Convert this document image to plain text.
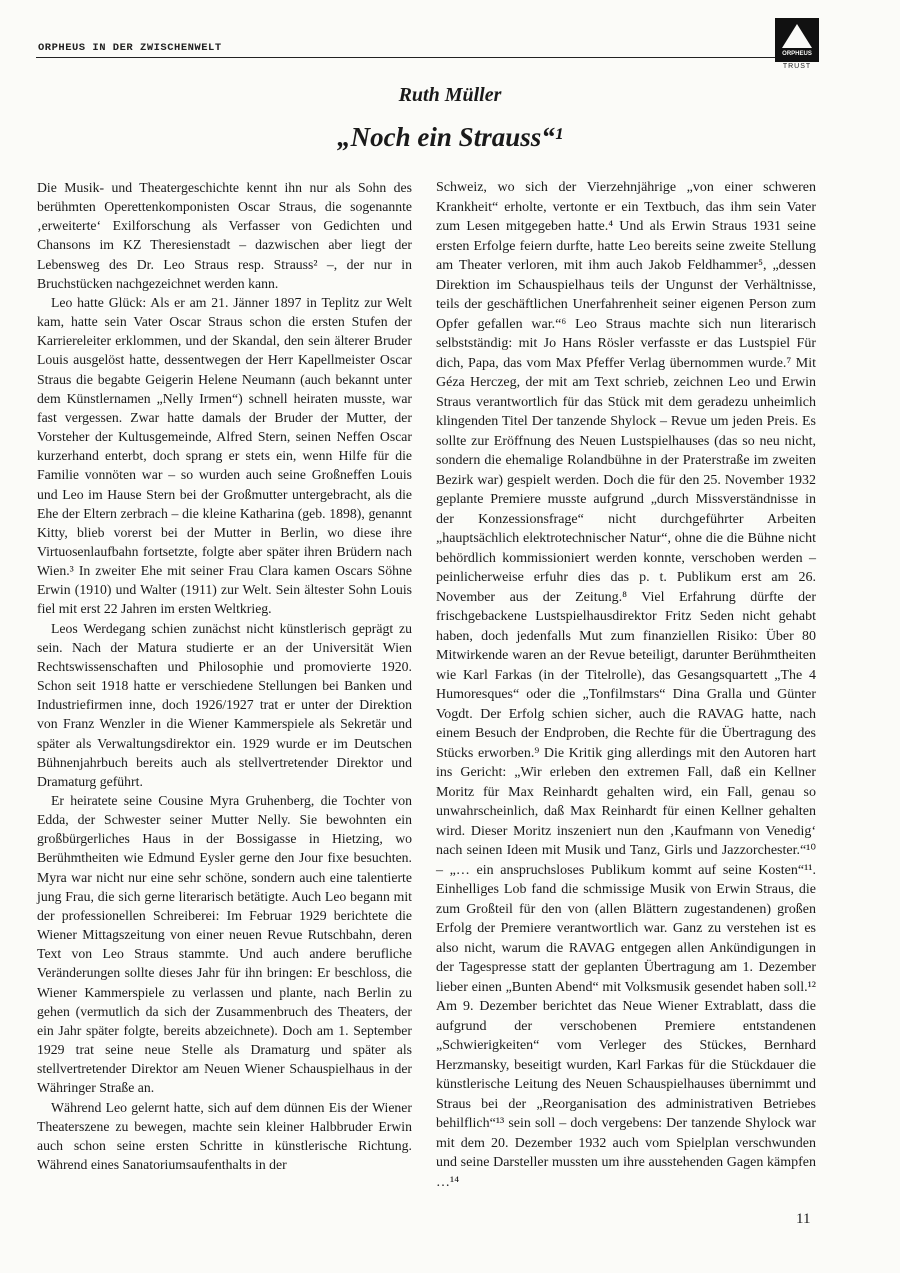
ORPHEUS IN DER ZWISCHENWELT	ORPHEUS
TRUST
Ruth Müller
„Noch ein Strauss“¹

Die Musik- und Theatergeschichte kennt ihn nur als Sohn des berühmten Operettenkomponisten Oscar Straus, die sogenannte ‚erweiterte‘ Exilforschung als Verfasser von Gedichten und Chansons im KZ Theresienstadt – dazwischen aber liegt der Lebensweg des Dr. Leo Straus resp. Strauss² –, der nur in Bruchstücken nachgezeichnet werden kann.

Leo hatte Glück: Als er am 21. Jänner 1897 in Teplitz zur Welt kam, hatte sein Vater Oscar Straus schon die ersten Stufen der Karriereleiter erklommen, und der Skandal, den sein älterer Bruder Louis ausgelöst hatte, dessentwegen der Herr Kapellmeister Oscar Straus die begabte Geigerin Helene Neumann (auch bekannt unter dem Künstlernamen „Nelly Irmen“) schnell heiraten musste, war fast vergessen. Zwar hatte damals der Bruder der Mutter, der Vorsteher der Kultusgemeinde, Alfred Stern, seinen Neffen Oscar kurzerhand enterbt, doch sprang er stets ein, wenn Hilfe für die Familie vonnöten war – so wurden auch seine Großneffen Louis und Leo im Hause Stern bei der Großmutter untergebracht, als die Ehe der Eltern zerbrach – die kleine Katharina (geb. 1898), genannt Kitty, blieb vorerst bei der Mutter in Berlin, wo diese ihre Virtuosenlaufbahn fortsetzte, folgte aber später ihren Brüdern nach Wien.³ In zweiter Ehe mit seiner Frau Clara kamen Oscars Söhne Erwin (1910) und Walter (1911) zur Welt. Sein ältester Sohn Louis fiel mit erst 22 Jahren im ersten Weltkrieg.

Leos Werdegang schien zunächst nicht künstlerisch geprägt zu sein. Nach der Matura studierte er an der Universität Wien Rechtswissenschaften und Philosophie und promovierte 1920. Schon seit 1918 hatte er verschiedene Stellungen bei Banken und Industriefirmen inne, doch 1926/1927 trat er unter der Direktion von Franz Wenzler in die Wiener Kammerspiele als Sekretär und später als Verwaltungsdirektor ein. 1929 wurde er im Deutschen Bühnenjahrbuch bereits auch als stellvertretender Direktor und Dramaturg geführt.

Er heiratete seine Cousine Myra Gruhenberg, die Tochter von Edda, der Schwester seiner Mutter Nelly. Sie bewohnten ein großbürgerliches Haus in der Bossigasse in Hietzing, wo Berühmtheiten wie Edmund Eysler gerne den Jour fixe besuchten. Myra war nicht nur eine sehr schöne, sondern auch eine talentierte jung Frau, die sich gerne literarisch betätigte. Auch Leo begann mit der professionellen Schreiberei: Im Februar 1929 berichtete die Wiener Mittagszeitung von einer neuen Revue Rutschbahn, deren Text von Leo Straus stammte. Und auch andere berufliche Veränderungen sollte dieses Jahr für ihn bringen: Er beschloss, die Wiener Kammerspiele zu verlassen und plante, nach Berlin zu gehen (vermutlich da sich der Zusammenbruch des Theaters, der ein Jahr später folgte, bereits abzeichnete). Doch am 1. September 1929 trat seine neue Stelle als Dramaturg und später als stellvertretender Direktor am Neuen Wiener Schauspielhaus in der Währinger Straße an.

Während Leo gelernt hatte, sich auf dem dünnen Eis der Wiener Theaterszene zu bewegen, machte sein kleiner Halbbruder Erwin auch schon seine ersten Schritte in künstlerische Richtung. Während eines Sanatoriumsaufenthalts in der

Schweiz, wo sich der Vierzehnjährige „von einer schweren Krankheit“ erholte, vertonte er ein Textbuch, das ihm sein Vater zum Lesen mitgegeben hatte.⁴ Und als Erwin Straus 1931 seine ersten Erfolge feiern durfte, hatte Leo bereits seine zweite Stellung am Theater verloren, mit ihm auch Jakob Feldhammer⁵, „dessen Direktion im Schauspielhaus teils der Ungunst der Verhältnisse, teils der geschäftlichen Unerfahrenheit seiner eigenen Person zum Opfer gefallen war.“⁶ Leo Straus machte sich nun literarisch selbstständig: mit Jo Hans Rösler verfasste er das Lustspiel Für dich, Papa, das vom Max Pfeffer Verlag übernommen wurde.⁷ Mit Géza Herczeg, der mit am Text schrieb, zeichnen Leo und Erwin Straus verantwortlich für das Stück mit dem geradezu unheimlich klingenden Titel Der tanzende Shylock – Revue um jeden Preis. Es sollte zur Eröffnung des Neuen Lustspielhauses (das so neu nicht, sondern die ehemalige Rolandbühne in der Praterstraße im zweiten Bezirk war) gespielt werden. Doch die für den 25. November 1932 geplante Premiere musste aufgrund „durch Missverständnisse in der Konzessionsfrage“ nicht durchgeführter Arbeiten „hauptsächlich elektrotechnischer Natur“, ohne die die Bühne nicht behördlich kommissioniert werden konnte, verschoben werden – peinlicherweise erfuhr dies das p. t. Publikum erst am 26. November aus der Zeitung.⁸ Viel Erfahrung dürfte der frischgebackene Lustspielhausdirektor Fritz Seden nicht gehabt haben, doch jedenfalls Mut zum finanziellen Risiko: Über 80 Mitwirkende waren an der Revue beteiligt, darunter Berühmtheiten wie Karl Farkas (in der Titelrolle), das Gesangsquartett „The 4 Humoresques“ oder die „Tonfilmstars“ Dina Gralla und Günter Vogdt. Der Erfolg schien sicher, auch die RAVAG hatte, nach einem Besuch der Endproben, die Rechte für die Übertragung des Stücks erworben.⁹ Die Kritik ging allerdings mit den Autoren hart ins Gericht: „Wir erleben den extremen Fall, daß ein Kellner Moritz für Max Reinhardt gehalten wird, ein Fall, genau so unwahrscheinlich, daß Max Reinhardt für einen Kellner gehalten wird. Dieser Moritz inszeniert nun den ‚Kaufmann von Venedig‘ nach seinen Ideen mit Musik und Tanz, Girls und Jazzorchester.“¹⁰ – „… ein anspruchsloses Publikum kommt auf seine Kosten“¹¹. Einhelliges Lob fand die schmissige Musik von Erwin Straus, die zum Großteil für den von (allen Blättern zugestandenen) großen Erfolg der Premiere verantwortlich war. Ganz zu verstehen ist es also nicht, warum die RAVAG entgegen allen Ankündigungen in der Tagespresse statt der geplanten Übertragung am 1. Dezember lieber einen „Bunten Abend“ mit Volksmusik gesendet haben soll.¹² Am 9. Dezember berichtet das Neue Wiener Extrablatt, dass die aufgrund der verschobenen Premiere entstandenen „Schwierigkeiten“ vom Verleger des Stückes, Bernhard Herzmansky, beseitigt wurden, Karl Farkas für die Stückdauer die künstlerische Leitung des Neuen Schauspielhauses übernimmt und Straus bei der „Reorganisation des administrativen Betriebes behilflich“¹³ sein soll – doch vergebens: Der tanzende Shylock war mit dem 20. Dezember 1932 auch vom Spielplan verschwunden und seine Darsteller mussten um ihre ausstehenden Gagen kämpfen …¹⁴

11
